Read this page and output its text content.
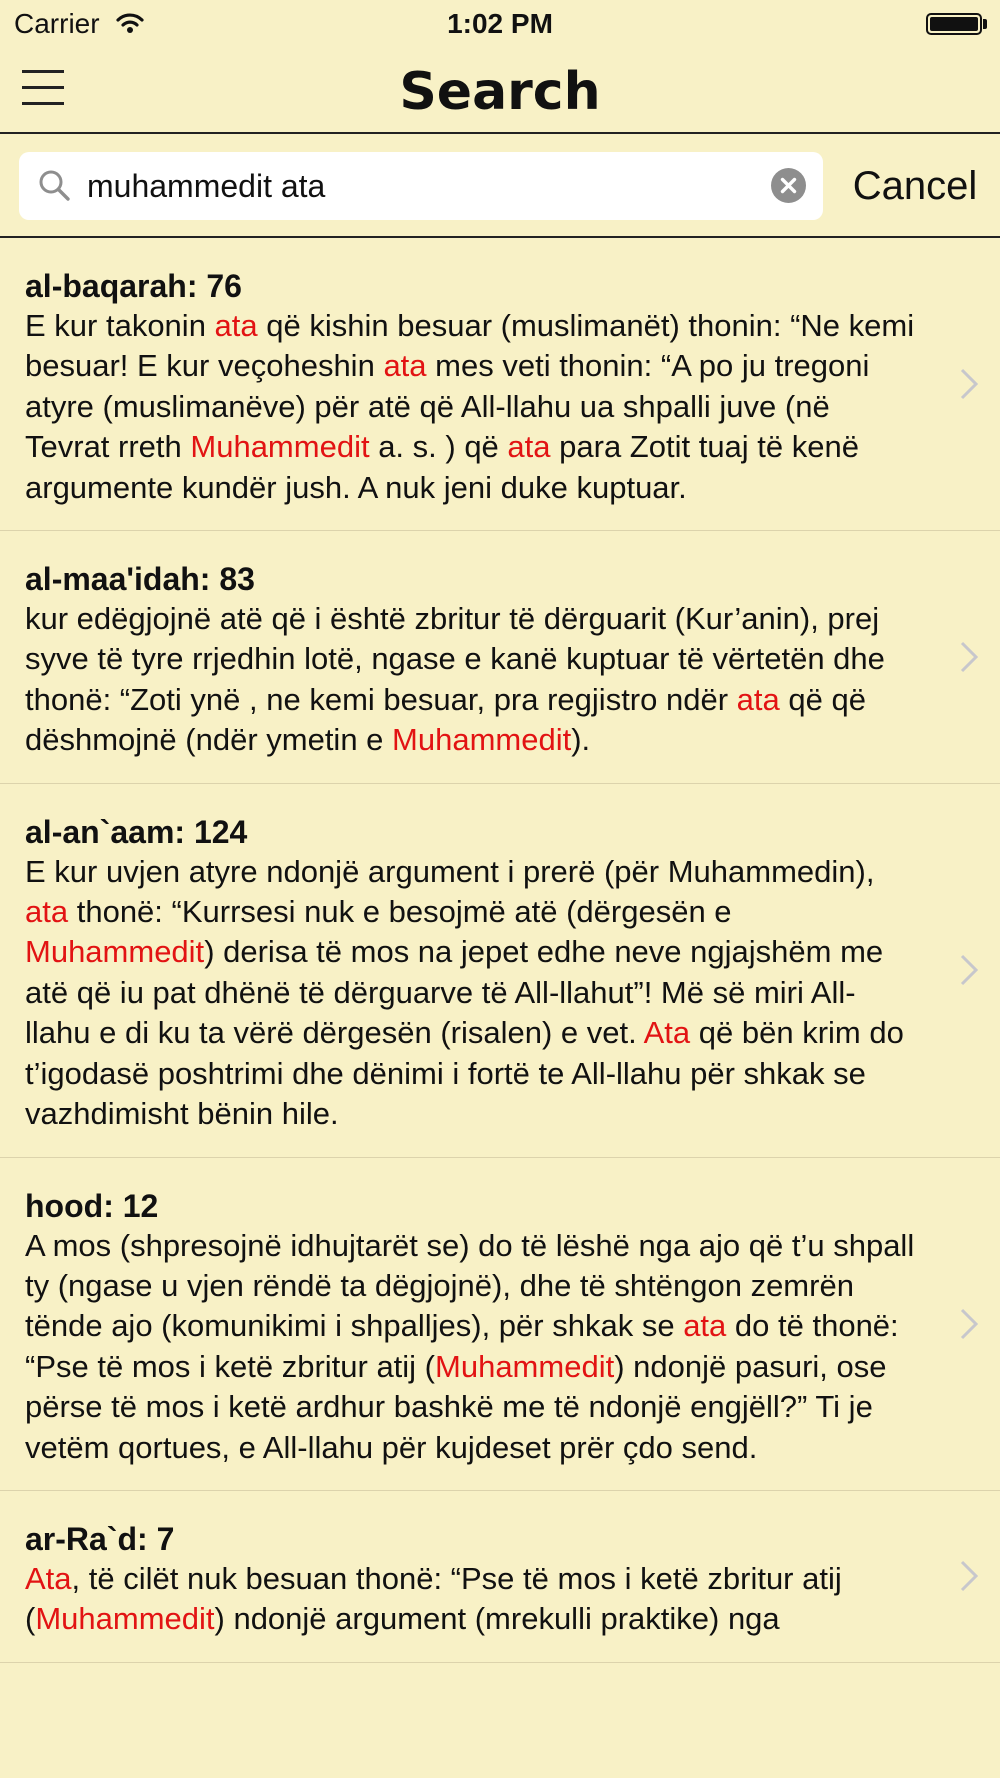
Carrier	1:02 PM
Search
muhammedit ata
Cancel
al-baqarah: 76
E kur takonin ata që kishin besuar (muslimanët) thonin: “Ne kemi besuar! E kur veçoheshin ata mes veti thonin: “A po ju tregoni atyre (muslimanëve) për atë që All-llahu ua shpalli juve (në Tevrat rreth Muhammedit a. s. ) që ata para Zotit tuaj të kenë argumente kundër jush. A nuk jeni duke kuptuar.
al-maa'idah: 83
kur edëgjojnë atë që i është zbritur të dërguarit (Kur’anin), prej syve të tyre rrjedhin lotë, ngase e kanë kuptuar të vërtetën dhe thonë: “Zoti ynë , ne kemi besuar, pra regjistro ndër ata që që dëshmojnë (ndër ymetin e Muhammedit).
al-an`aam: 124
E kur uvjen atyre ndonjë argument i prerë (për Muhammedin), ata thonë: “Kurrsesi nuk e besojmë atë (dërgesën e Muhammedit) derisa të mos na jepet edhe neve ngjajshëm me atë që iu pat dhënë të dërguarve të All-llahut”! Më së miri All-llahu e di ku ta vërë dërgesën (risalen) e vet. Ata që bën krim do t’igodasë poshtrimi dhe dënimi i fortë te All-llahu për shkak se vazhdimisht bënin hile.
hood: 12
A mos (shpresojnë idhujtarët se) do të lëshë nga ajo që t’u shpall ty (ngase u vjen rëndë ta dëgjojnë), dhe të shtëngon zemrën tënde ajo (komunikimi i shpalljes), për shkak se ata do të thonë: “Pse të mos i ketë zbritur atij (Muhammedit) ndonjë pasuri, ose përse të mos i ketë ardhur bashkë me të ndonjë engjëll?” Ti je vetëm qortues, e All-llahu për kujdeset prër çdo send.
ar-Ra`d: 7
Ata, të cilët nuk besuan thonë: “Pse të mos i ketë zbritur atij (Muhammedit) ndonjë argument (mrekulli praktike) nga
